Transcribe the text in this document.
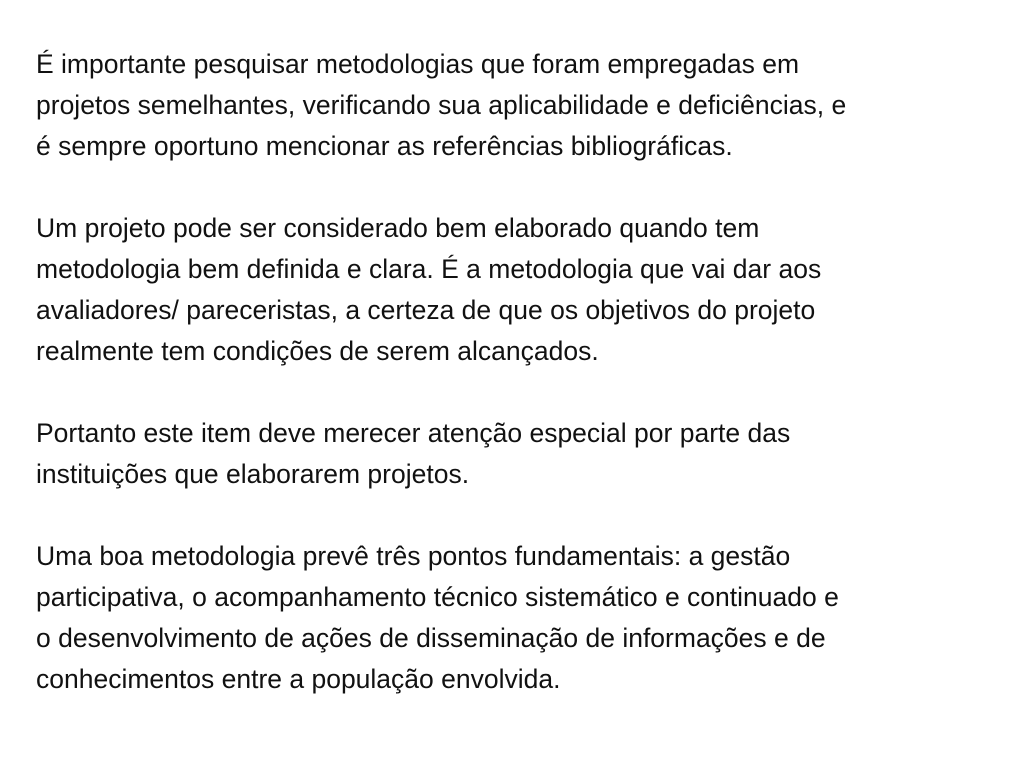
É importante pesquisar metodologias que foram empregadas em
projetos semelhantes, verificando sua aplicabilidade e deficiências, e
é sempre oportuno mencionar as referências bibliográficas.

Um projeto pode ser considerado bem elaborado quando tem
metodologia bem definida e clara. É a metodologia que vai dar aos
avaliadores/ pareceristas, a certeza de que os objetivos do projeto
realmente tem condições de serem alcançados.

Portanto este item deve merecer atenção especial por parte das
instituições que elaborarem projetos.

Uma boa metodologia prevê três pontos fundamentais: a gestão
participativa, o acompanhamento técnico sistemático e continuado e
o desenvolvimento de ações de disseminação de informações e de
conhecimentos entre a população envolvida.
